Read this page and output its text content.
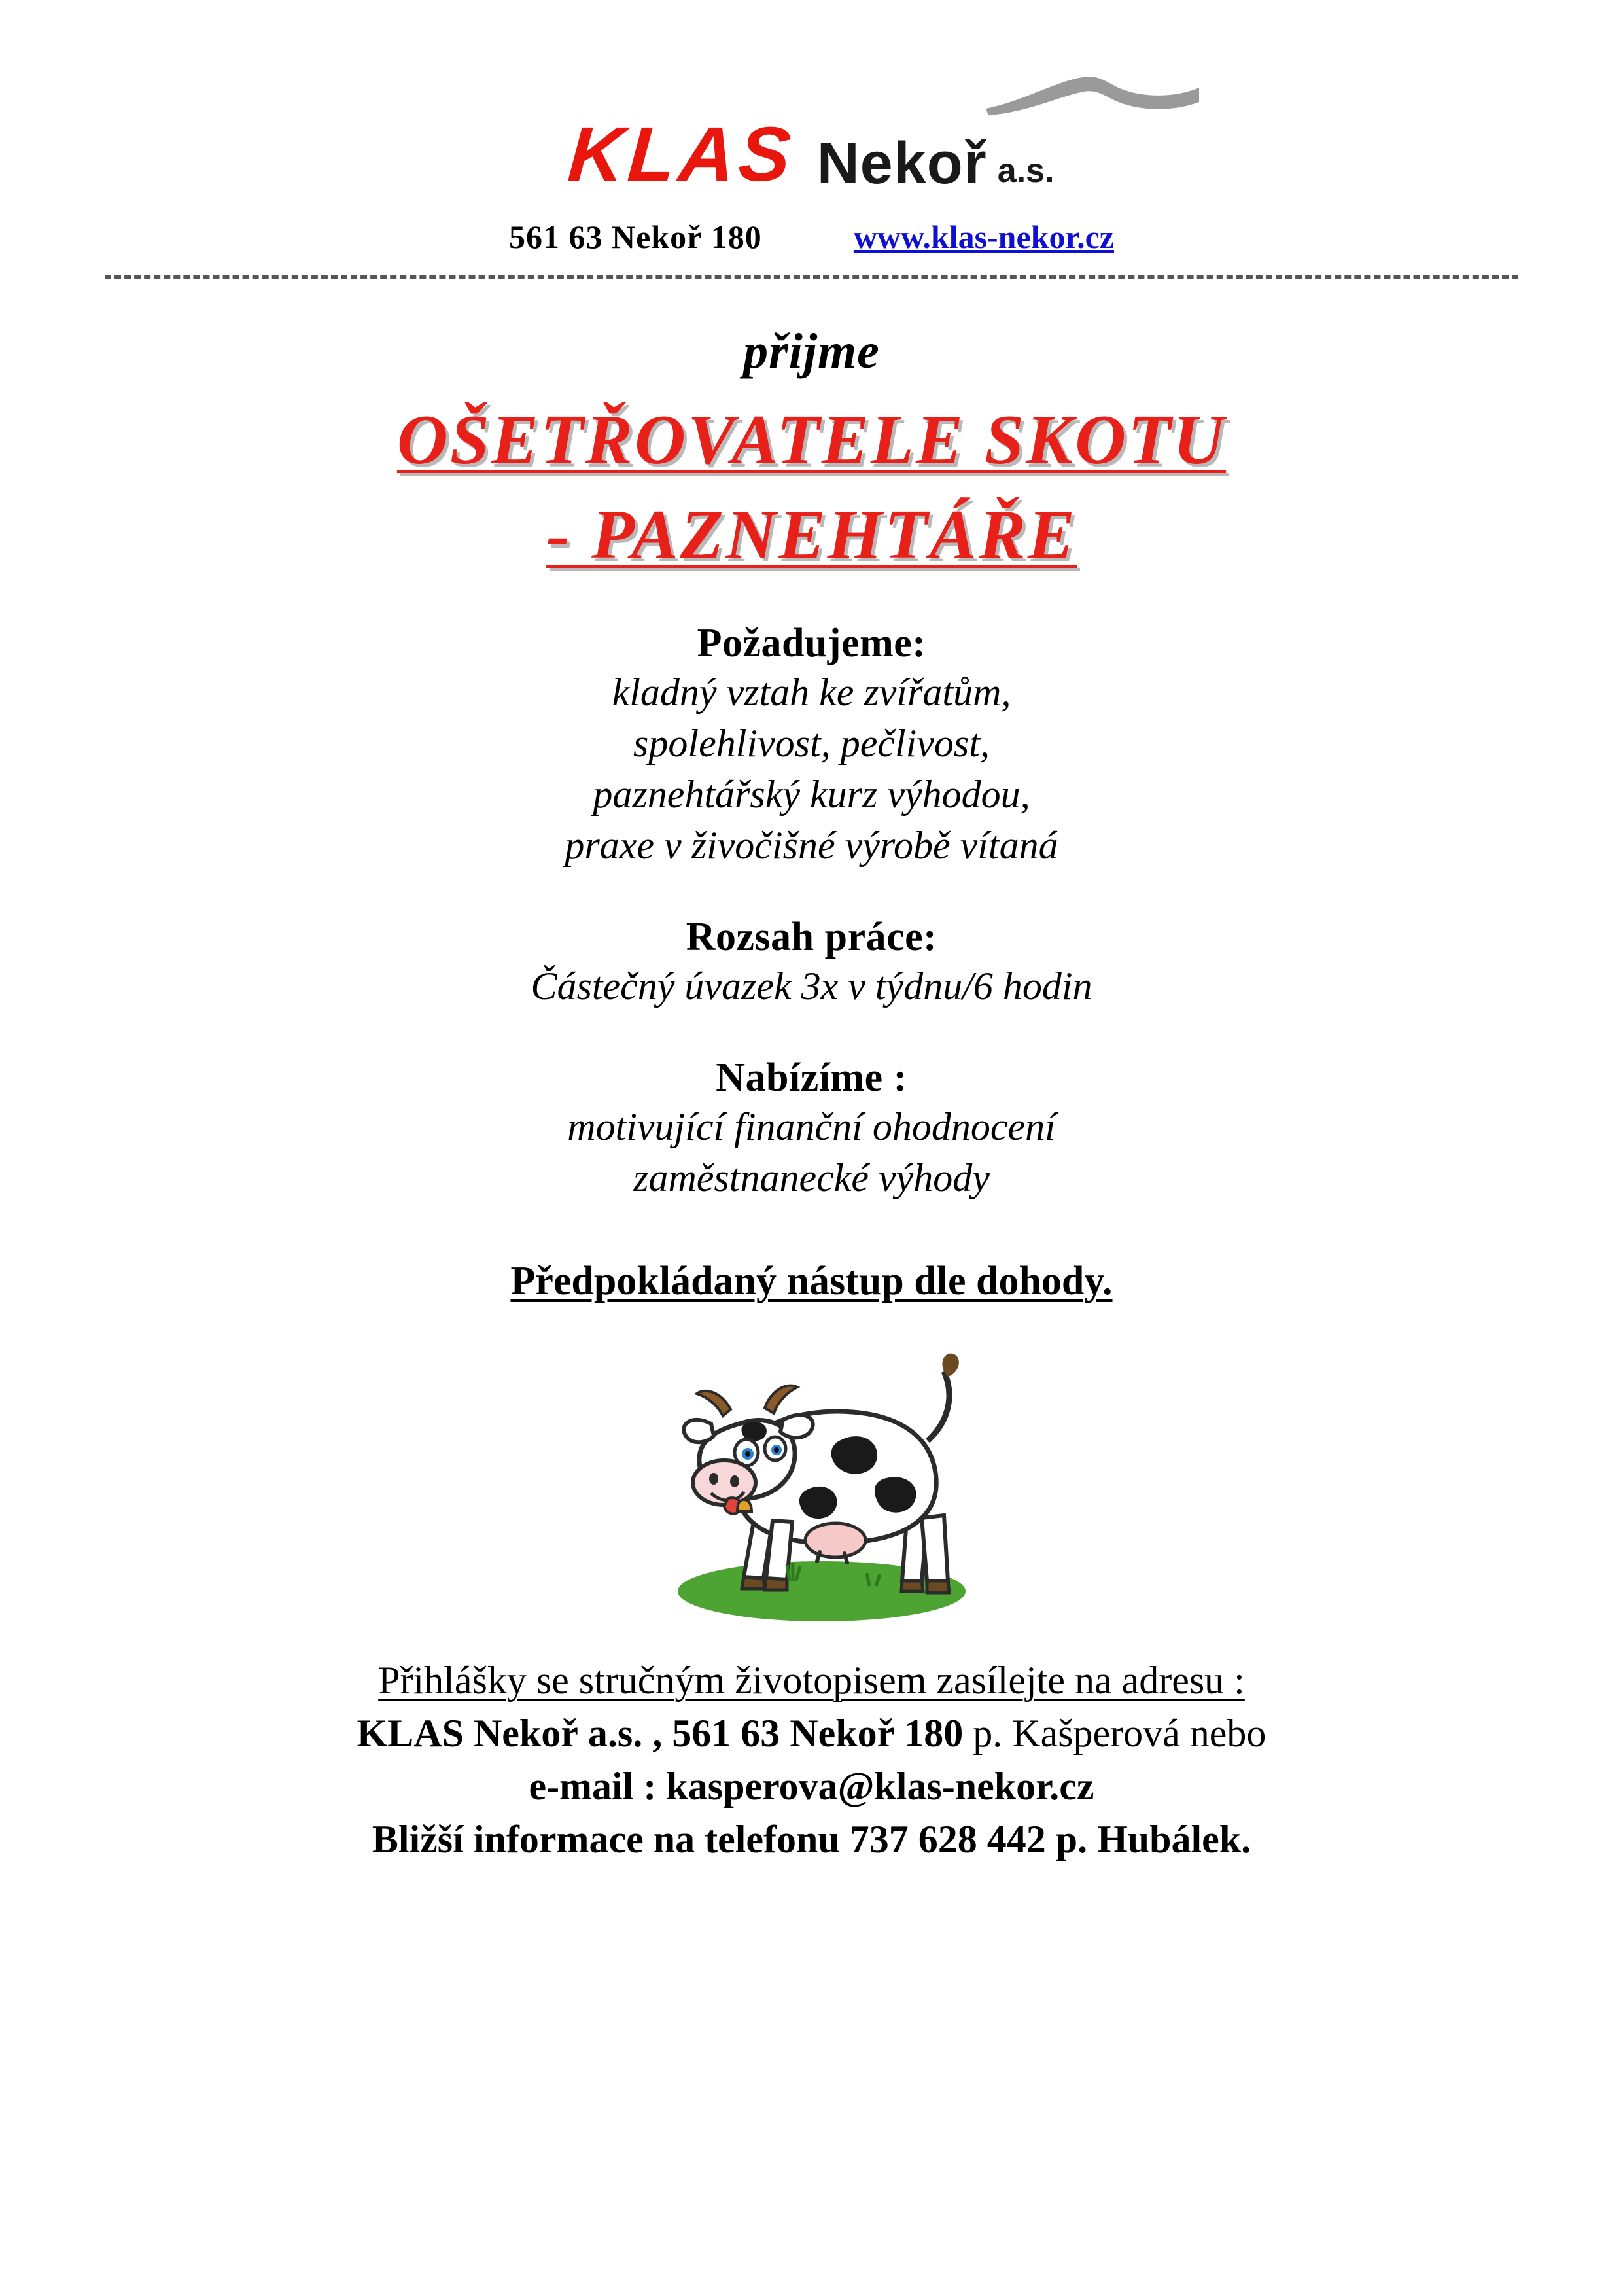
KLAS Nekoř a.s.
561 63 Nekoř 180	www.klas-nekor.cz
přijme
OŠETŘOVATELE SKOTU
- PAZNEHTÁŘE
Požadujeme:
kladný vztah ke zvířatům,
spolehlivost, pečlivost,
paznehtářský kurz výhodou,
praxe v živočišné výrobě vítaná
Rozsah práce:
Částečný úvazek 3x v týdnu/6 hodin
Nabízíme :
motivující finanční ohodnocení
zaměstnanecké výhody
Předpokládaný nástup dle dohody.
Přihlášky se stručným životopisem zasílejte na adresu :
KLAS Nekoř a.s. , 561 63 Nekoř 180 p. Kašperová nebo
e-mail : kasperova@klas-nekor.cz
Bližší informace na telefonu 737 628 442 p. Hubálek.
